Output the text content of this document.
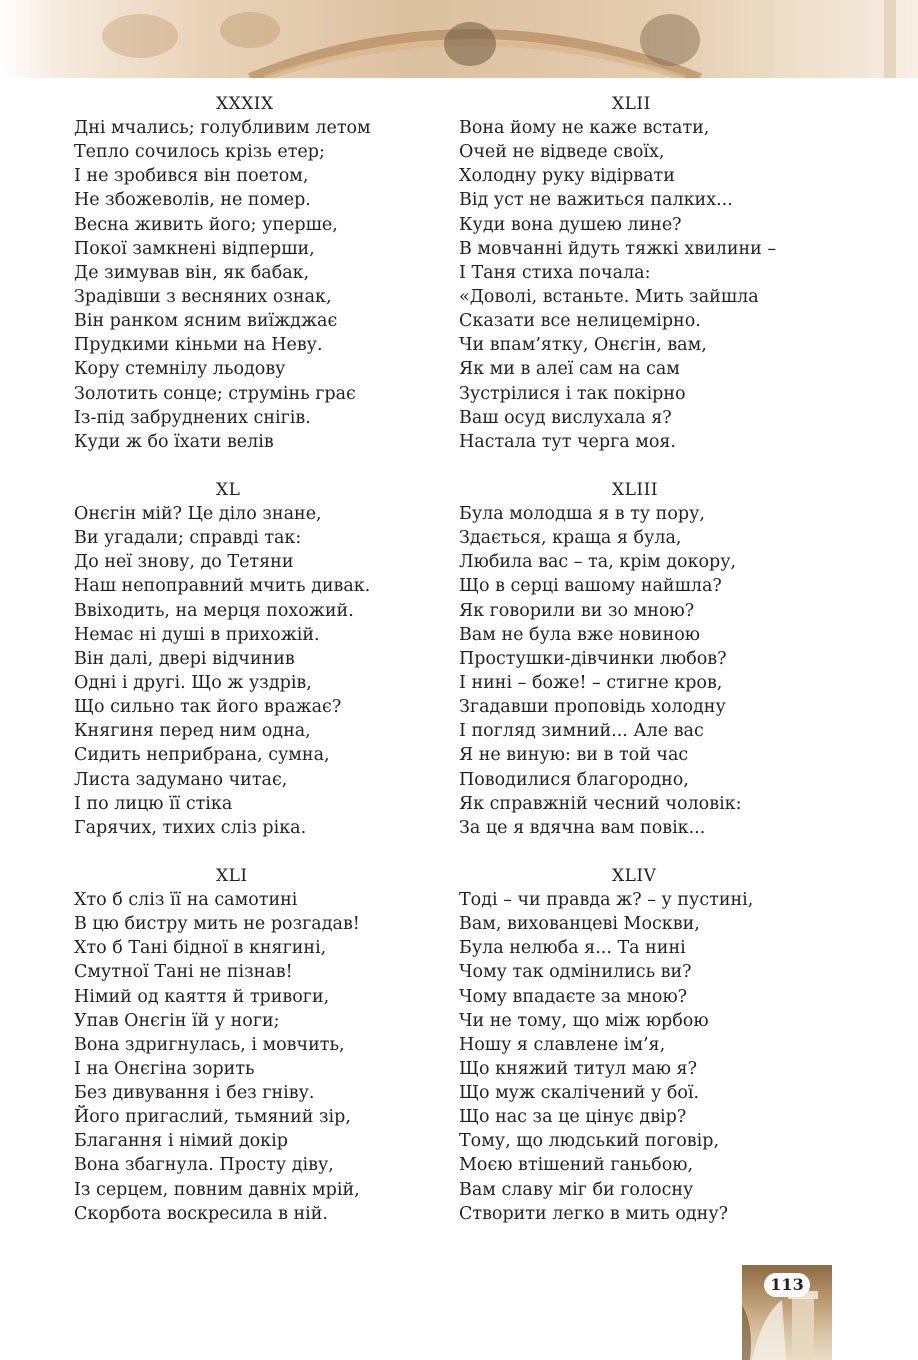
XXXIX
Дні мчались; голубливим летом
Тепло сочилось крізь етер;
І не зробився він поетом,
Не збожеволів, не помер.
Весна живить його; уперше,
Покої замкнені відперши,
Де зимував він, як бабак,
Зрадівши з весняних ознак,
Він ранком ясним виїжджає
Прудкими кіньми на Неву.
Кору стемнілу льодову
Золотить сонце; струмінь грає
Із-під забруднених снігів.
Куди ж бо їхати велів
XL
Онєгін мій? Це діло знане,
Ви угадали; справді так:
До неї знову, до Тетяни
Наш непоправний мчить дивак.
Ввіходить, на мерця похожий.
Немає ні душі в прихожій.
Він далі, двері відчинив
Одні і другі. Що ж уздрів,
Що сильно так його вражає?
Княгиня перед ним одна,
Сидить неприбрана, сумна,
Листа задумано читає,
І по лицю її стіка
Гарячих, тихих сліз ріка.
XLI
Хто б сліз її на самотині
В цю бистру мить не розгадав!
Хто б Тані бідної в княгині,
Смутної Тані не пізнав!
Німий од каяття й тривоги,
Упав Онєгін їй у ноги;
Вона здригнулась, і мовчить,
І на Онєгіна зорить
Без дивування і без гніву.
Його пригаслий, тьмяний зір,
Благання і німий докір
Вона збагнула. Просту діву,
Із серцем, повним давніх мрій,
Скорбота воскресила в ній.
XLII
Вона йому не каже встати,
Очей не відведе своїх,
Холодну руку відірвати
Від уст не важиться палких...
Куди вона душею лине?
В мовчанні йдуть тяжкі хвилини –
І Таня стиха почала:
«Доволі, встаньте. Мить зайшла
Сказати все нелицемірно.
Чи впам’ятку, Онєгін, вам,
Як ми в алеї сам на сам
Зустрілися і так покірно
Ваш осуд вислухала я?
Настала тут черга моя.
XLIII
Була молодша я в ту пору,
Здається, краща я була,
Любила вас – та, крім докору,
Що в серці вашому найшла?
Як говорили ви зо мною?
Вам не була вже новиною
Простушки-дівчинки любов?
І нині – боже! – стигне кров,
Згадавши проповідь холодну
І погляд зимний... Але вас
Я не виную: ви в той час
Поводилися благородно,
Як справжній чесний чоловік:
За це я вдячна вам повік...
XLIV
Тоді – чи правда ж? – у пустині,
Вам, вихованцеві Москви,
Була нелюба я... Та нині
Чому так одмінились ви?
Чому впадаєте за мною?
Чи не тому, що між юрбою
Ношу я славлене ім’я,
Що княжий титул маю я?
Що муж скалічений у бої.
Що нас за це цінує двір?
Тому, що людський поговір,
Моєю втішений ганьбою,
Вам славу міг би голосну
Створити легко в мить одну?
113
